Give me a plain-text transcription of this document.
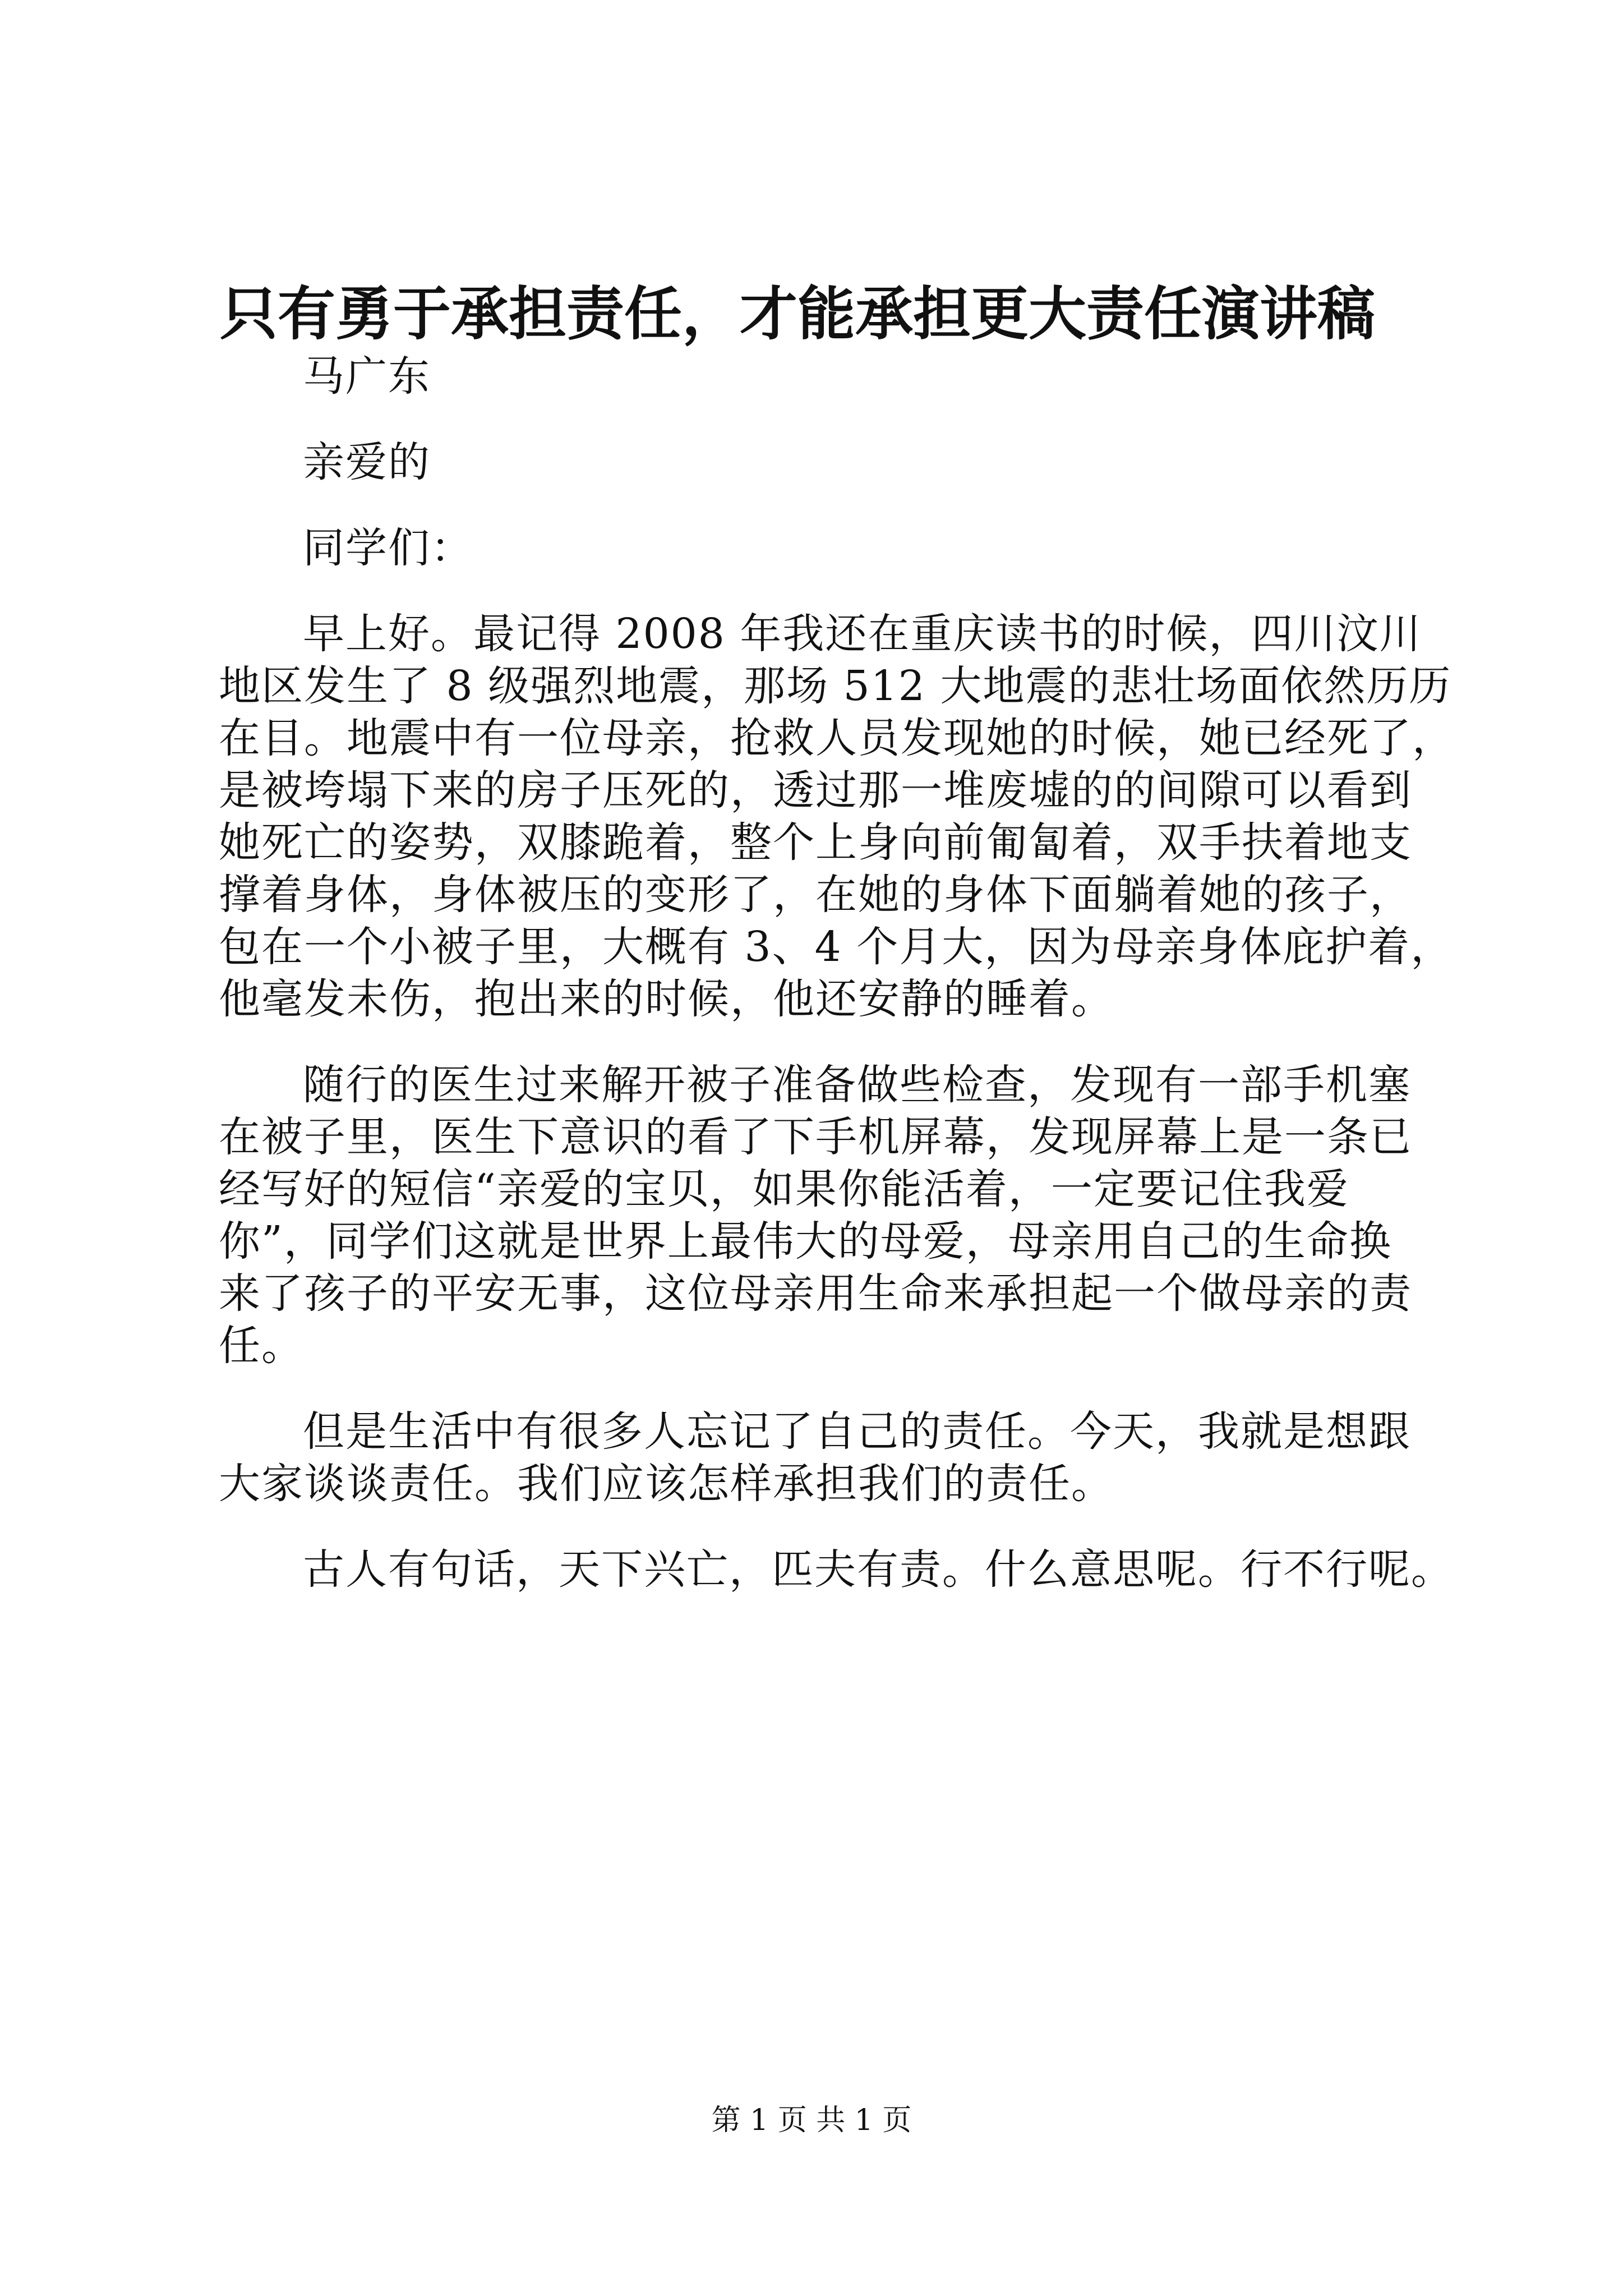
只有勇于承担责任，才能承担更大责任演讲稿
马广东
亲爱的
同学们：
早上好。最记得 2008 年我还在重庆读书的时候，四川汶川
地区发生了 8 级强烈地震，那场 512 大地震的悲壮场面依然历历
在目。地震中有一位母亲，抢救人员发现她的时候，她已经死了，
是被垮塌下来的房子压死的，透过那一堆废墟的的间隙可以看到
她死亡的姿势，双膝跪着，整个上身向前匍匐着，双手扶着地支
撑着身体，身体被压的变形了，在她的身体下面躺着她的孩子，
包在一个小被子里，大概有 3、4 个月大，因为母亲身体庇护着，
他毫发未伤，抱出来的时候，他还安静的睡着。
随行的医生过来解开被子准备做些检查，发现有一部手机塞
在被子里，医生下意识的看了下手机屏幕，发现屏幕上是一条已
经写好的短信“亲爱的宝贝，如果你能活着，一定要记住我爱
你”，同学们这就是世界上最伟大的母爱，母亲用自己的生命换
来了孩子的平安无事，这位母亲用生命来承担起一个做母亲的责
任。
但是生活中有很多人忘记了自己的责任。今天，我就是想跟
大家谈谈责任。我们应该怎样承担我们的责任。
古人有句话，天下兴亡，匹夫有责。什么意思呢。行不行呢。
第 1 页 共 1 页
